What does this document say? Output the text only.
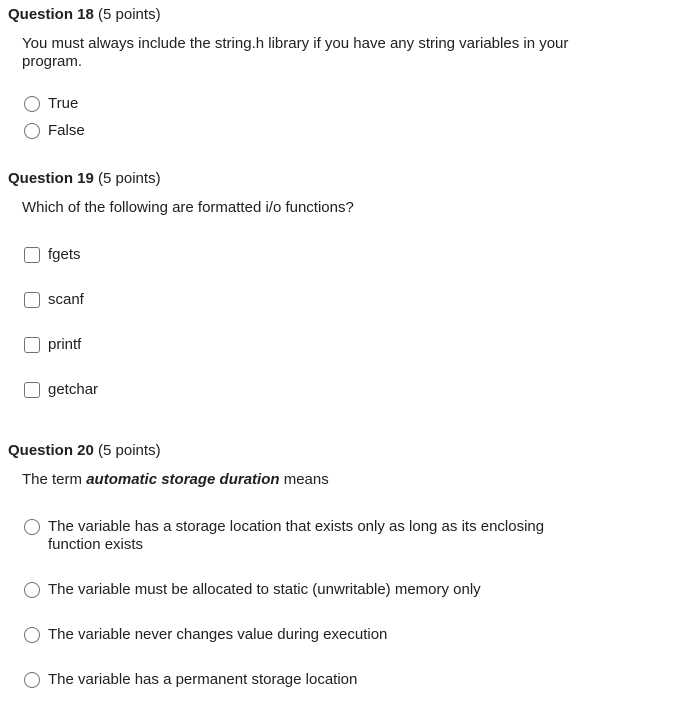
Question 18 (5 points)
You must always include the string.h library if you have any string variables in your program.
True
False
Question 19 (5 points)
Which of the following are formatted i/o functions?
fgets
scanf
printf
getchar
Question 20 (5 points)
The term automatic storage duration means
The variable has a storage location that exists only as long as its enclosing function exists
The variable must be allocated to static (unwritable) memory only
The variable never changes value during execution
The variable has a permanent storage location
